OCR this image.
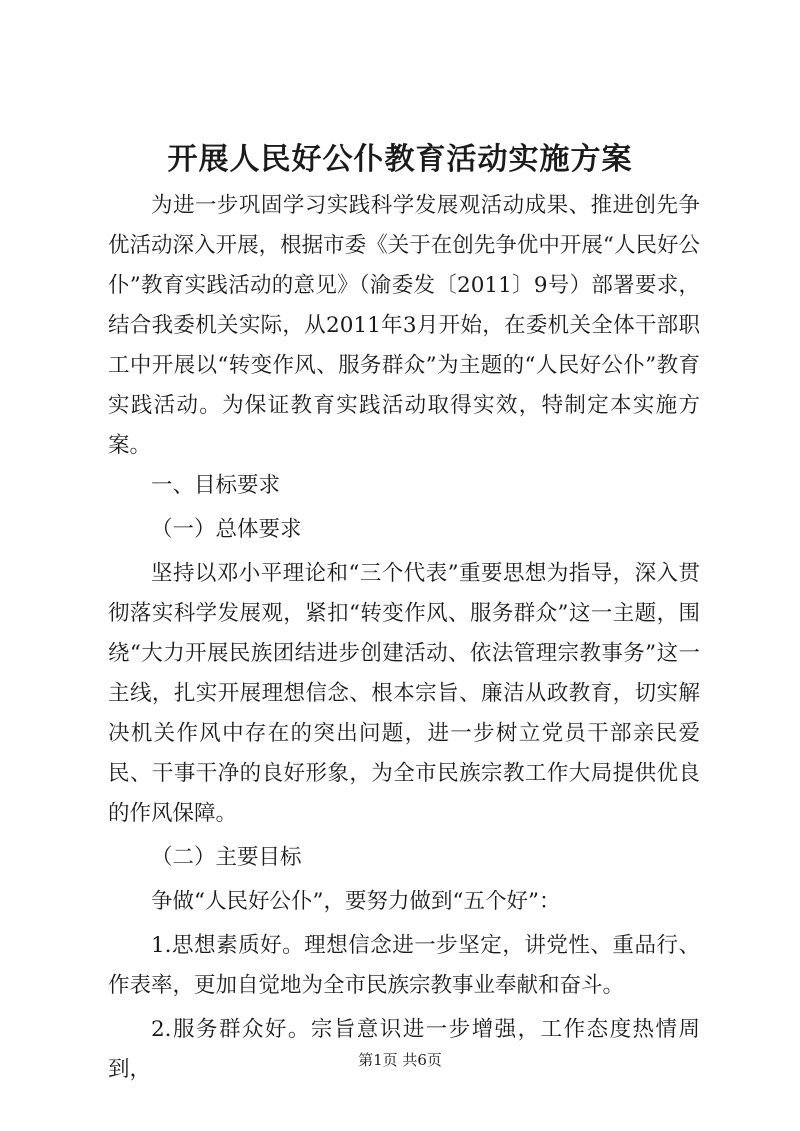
开展人民好公仆教育活动实施方案

为进一步巩固学习实践科学发展观活动成果、推进创先争优活动深入开展，根据市委《关于在创先争优中开展“人民好公仆”教育实践活动的意见》（渝委发〔2011〕9号）部署要求，结合我委机关实际，从2011年3月开始，在委机关全体干部职工中开展以“转变作风、服务群众”为主题的“人民好公仆”教育实践活动。为保证教育实践活动取得实效，特制定本实施方案。

一、目标要求

（一）总体要求

坚持以邓小平理论和“三个代表”重要思想为指导，深入贯彻落实科学发展观，紧扣“转变作风、服务群众”这一主题，围绕“大力开展民族团结进步创建活动、依法管理宗教事务”这一主线，扎实开展理想信念、根本宗旨、廉洁从政教育，切实解决机关作风中存在的突出问题，进一步树立党员干部亲民爱民、干事干净的良好形象，为全市民族宗教工作大局提供优良的作风保障。

（二）主要目标

争做“人民好公仆”，要努力做到“五个好”：

1.思想素质好。理想信念进一步坚定，讲党性、重品行、作表率，更加自觉地为全市民族宗教事业奉献和奋斗。

2.服务群众好。宗旨意识进一步增强，工作态度热情周到，	第1页 共6页
